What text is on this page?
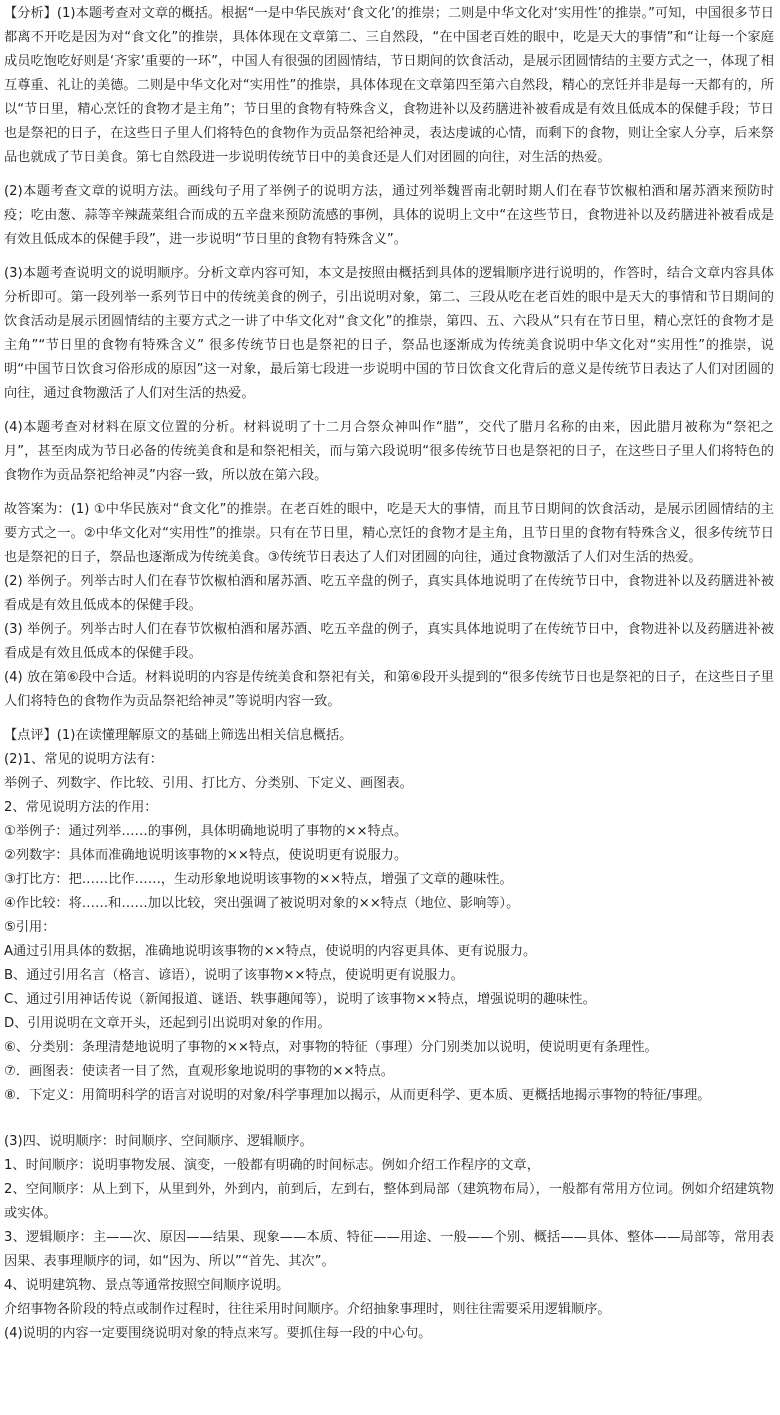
【分析】(1)本题考查对文章的概括。根据“一是中华民族对‘食文化’的推崇；二则是中华文化对‘实用性’的推崇。”可知，中国很多节日都离不开吃是因为对“食文化”的推崇，具体体现在文章第二、三自然段，“在中国老百姓的眼中，吃是天大的事情”和“让每一个家庭成员吃饱吃好则是‘齐家’重要的一环”，中国人有很强的团圆情结，节日期间的饮食活动，是展示团圆情结的主要方式之一，体现了相互尊重、礼让的美德。二则是中华文化对“实用性”的推崇，具体体现在文章第四至第六自然段，精心的烹饪并非是每一天都有的，所以“节日里，精心烹饪的食物才是主角”；节日里的食物有特殊含义，食物进补以及药膳进补被看成是有效且低成本的保健手段；节日也是祭祀的日子，在这些日子里人们将特色的食物作为贡品祭祀给神灵，表达虔诚的心情，而剩下的食物，则让全家人分享，后来祭品也就成了节日美食。第七自然段进一步说明传统节日中的美食还是人们对团圆的向往，对生活的热爱。

(2)本题考查文章的说明方法。画线句子用了举例子的说明方法，通过列举魏晋南北朝时期人们在春节饮椒柏酒和屠苏酒来预防时疫；吃由葱、蒜等辛辣蔬菜组合而成的五辛盘来预防流感的事例，具体的说明上文中“在这些节日，食物进补以及药膳进补被看成是有效且低成本的保健手段”，进一步说明“节日里的食物有特殊含义”。

(3)本题考查说明文的说明顺序。分析文章内容可知，本文是按照由概括到具体的逻辑顺序进行说明的，作答时，结合文章内容具体分析即可。第一段列举一系列节日中的传统美食的例子，引出说明对象，第二、三段从吃在老百姓的眼中是天大的事情和节日期间的饮食活动是展示团圆情结的主要方式之一讲了中华文化对“食文化”的推崇，第四、五、六段从“只有在节日里，精心烹饪的食物才是主角”“节日里的食物有特殊含义” 很多传统节日也是祭祀的日子，祭品也逐渐成为传统美食说明中华文化对“实用性”的推崇，说明“中国节日饮食习俗形成的原因”这一对象，最后第七段进一步说明中国的节日饮食文化背后的意义是传统节日表达了人们对团圆的向往，通过食物激活了人们对生活的热爱。

(4)本题考查对材料在原文位置的分析。材料说明了十二月合祭众神叫作“腊”，交代了腊月名称的由来，因此腊月被称为“祭祀之月”，甚至肉成为节日必备的传统美食和是和祭祀相关，而与第六段说明“很多传统节日也是祭祀的日子，在这些日子里人们将特色的食物作为贡品祭祀给神灵”内容一致，所以放在第六段。

故答案为：(1) ①中华民族对“食文化”的推崇。在老百姓的眼中，吃是天大的事情，而且节日期间的饮食活动，是展示团圆情结的主要方式之一。②中华文化对“实用性”的推崇。只有在节日里，精心烹饪的食物才是主角，且节日里的食物有特殊含义，很多传统节日也是祭祀的日子，祭品也逐渐成为传统美食。③传统节日表达了人们对团圆的向往，通过食物激活了人们对生活的热爱。

(2) 举例子。列举古时人们在春节饮椒柏酒和屠苏酒、吃五辛盘的例子，真实具体地说明了在传统节日中，食物进补以及药膳进补被看成是有效且低成本的保健手段。

(3) 举例子。列举古时人们在春节饮椒柏酒和屠苏酒、吃五辛盘的例子，真实具体地说明了在传统节日中，食物进补以及药膳进补被看成是有效且低成本的保健手段。

(4) 放在第⑥段中合适。材料说明的内容是传统美食和祭祀有关，和第⑥段开头提到的“很多传统节日也是祭祀的日子，在这些日子里人们将特色的食物作为贡品祭祀给神灵”等说明内容一致。

【点评】(1)在读懂理解原文的基础上筛选出相关信息概括。

(2)1、常见的说明方法有：

举例子、列数字、作比较、引用、打比方、分类别、下定义、画图表。

2、常见说明方法的作用：

①举例子：通过列举……的事例，具体明确地说明了事物的××特点。

②列数字：具体而准确地说明该事物的××特点，使说明更有说服力。

③打比方：把……比作……，生动形象地说明该事物的××特点，增强了文章的趣味性。

④作比较：将……和……加以比较，突出强调了被说明对象的××特点（地位、影响等）。

⑤引用：

A通过引用具体的数据，准确地说明该事物的××特点，使说明的内容更具体、更有说服力。

B、通过引用名言（格言、谚语），说明了该事物××特点，使说明更有说服力。

C、通过引用神话传说（新闻报道、谜语、轶事趣闻等），说明了该事物××特点，增强说明的趣味性。

D、引用说明在文章开头，还起到引出说明对象的作用。

⑥、分类别：条理清楚地说明了事物的××特点，对事物的特征（事理）分门别类加以说明，使说明更有条理性。

⑦．画图表：使读者一目了然，直观形象地说明的事物的××特点。

⑧．下定义：用简明科学的语言对说明的对象/科学事理加以揭示，从而更科学、更本质、更概括地揭示事物的特征/事理。

(3)四、说明顺序：时间顺序、空间顺序、逻辑顺序。

1、时间顺序：说明事物发展、演变，一般都有明确的时间标志。例如介绍工作程序的文章，

2、空间顺序：从上到下，从里到外，外到内，前到后，左到右，整体到局部（建筑物布局），一般都有常用方位词。例如介绍建筑物或实体。

3、逻辑顺序：主——次、原因——结果、现象——本质、特征——用途、一般——个别、概括——具体、整体——局部等，常用表因果、表事理顺序的词，如“因为、所以”“首先、其次”。

4、说明建筑物、景点等通常按照空间顺序说明。

介绍事物各阶段的特点或制作过程时，往往采用时间顺序。介绍抽象事理时，则往往需要采用逻辑顺序。

(4)说明的内容一定要围绕说明对象的特点来写。要抓住每一段的中心句。
